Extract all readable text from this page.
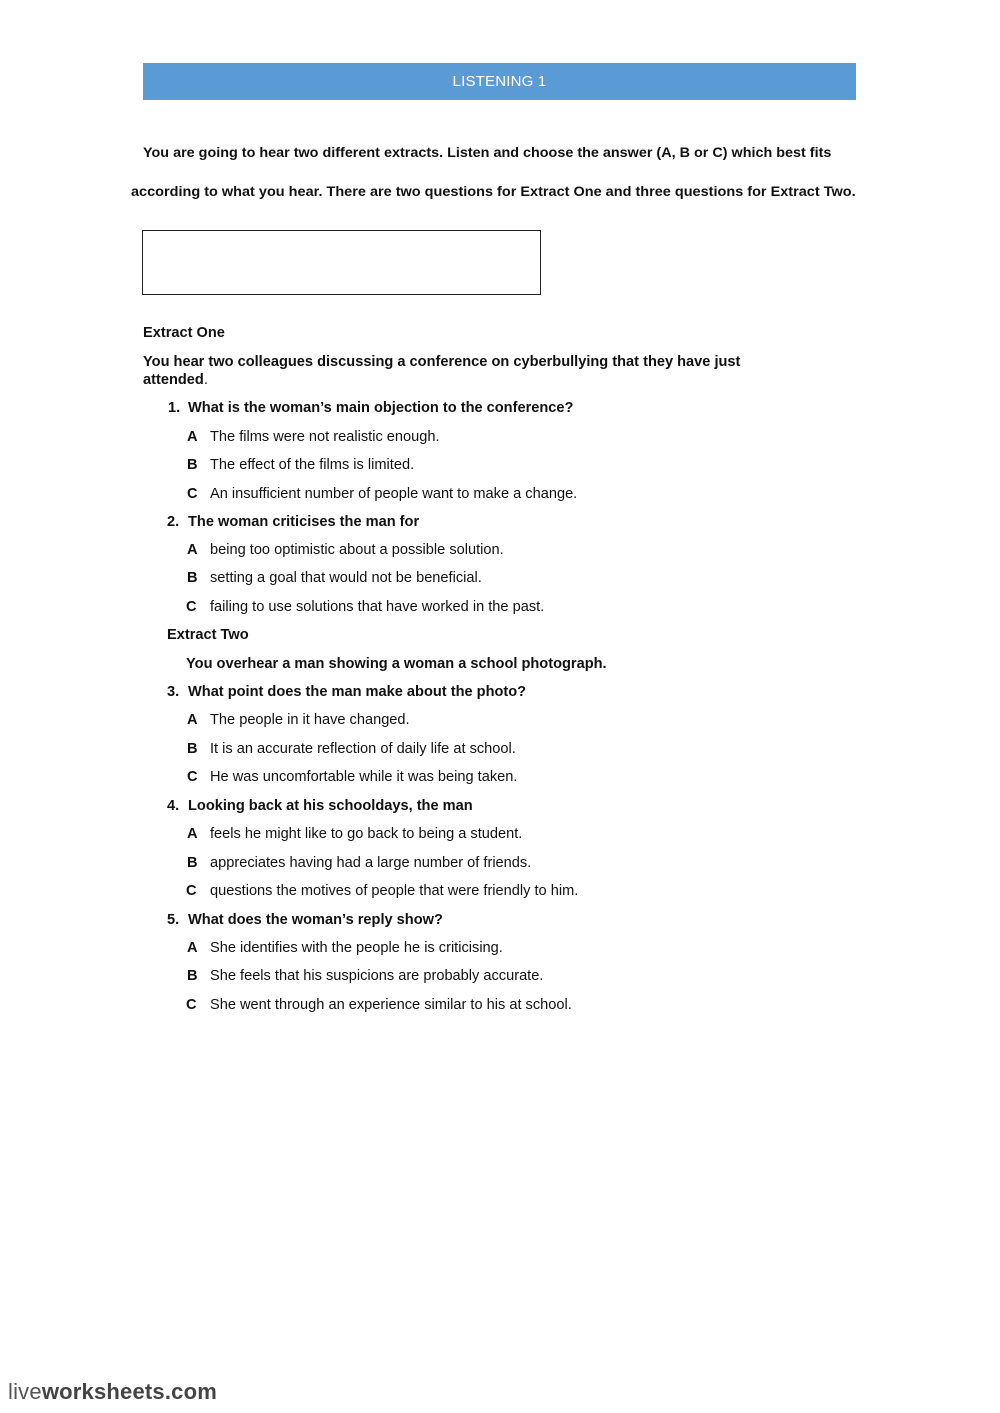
LISTENING 1
You are going to hear two different extracts. Listen and choose the answer (A, B or C) which best fits
according to what you hear. There are two questions for Extract One and three questions for Extract Two.
Extract One
You hear two colleagues discussing a conference on cyberbullying that they have just
attended.
1. What is the woman’s main objection to the conference?
A The films were not realistic enough.
B The effect of the films is limited.
C An insufficient number of people want to make a change.
2. The woman criticises the man for
A being too optimistic about a possible solution.
B setting a goal that would not be beneficial.
C failing to use solutions that have worked in the past.
Extract Two
You overhear a man showing a woman a school photograph.
3. What point does the man make about the photo?
A The people in it have changed.
B It is an accurate reflection of daily life at school.
C He was uncomfortable while it was being taken.
4. Looking back at his schooldays, the man
A feels he might like to go back to being a student.
B appreciates having had a large number of friends.
C questions the motives of people that were friendly to him.
5. What does the woman’s reply show?
A She identifies with the people he is criticising.
B She feels that his suspicions are probably accurate.
C She went through an experience similar to his at school.
liveworksheets.com
